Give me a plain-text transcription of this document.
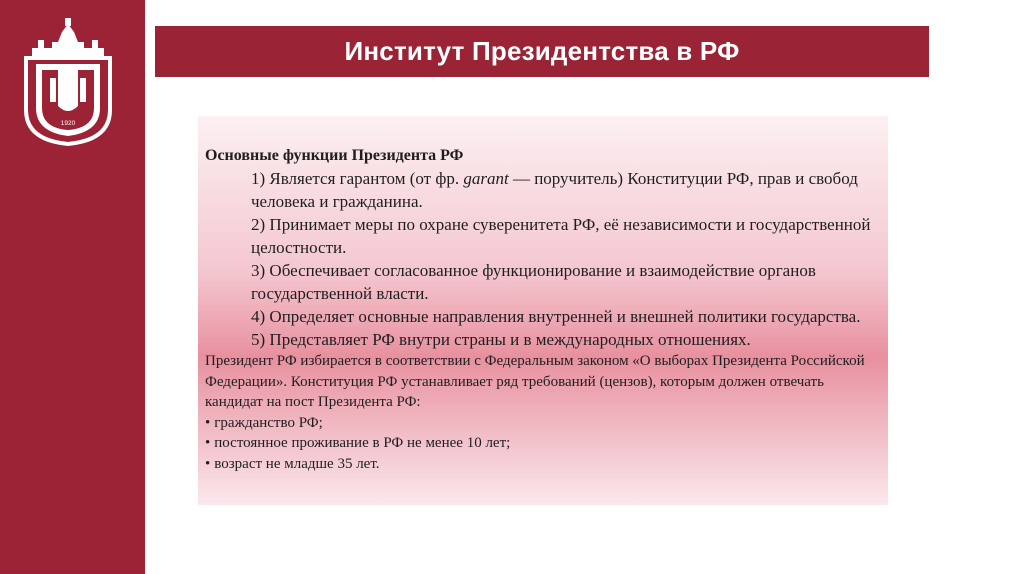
1920
Институт Президентства в РФ

Основные функции Президента РФ

1) Является гарантом (от фр. garant — поручитель) Конституции РФ, прав и свобод человека и гражданина.

2) Принимает меры по охране суверенитета РФ, её независимости и государственной целостности.

3) Обеспечивает согласованное функционирование и взаимодействие органов государственной власти.

4) Определяет основные направления внутренней и внешней политики государства.

5) Представляет РФ внутри страны и в международных отношениях.

Президент РФ избирается в соответствии с Федеральным законом «О выборах Президента Российской Федерации». Конституция РФ устанавливает ряд требований (цензов), которым должен отвечать кандидат на пост Президента РФ:

• гражданство РФ;

• постоянное проживание в РФ не менее 10 лет;

• возраст не младше 35 лет.
